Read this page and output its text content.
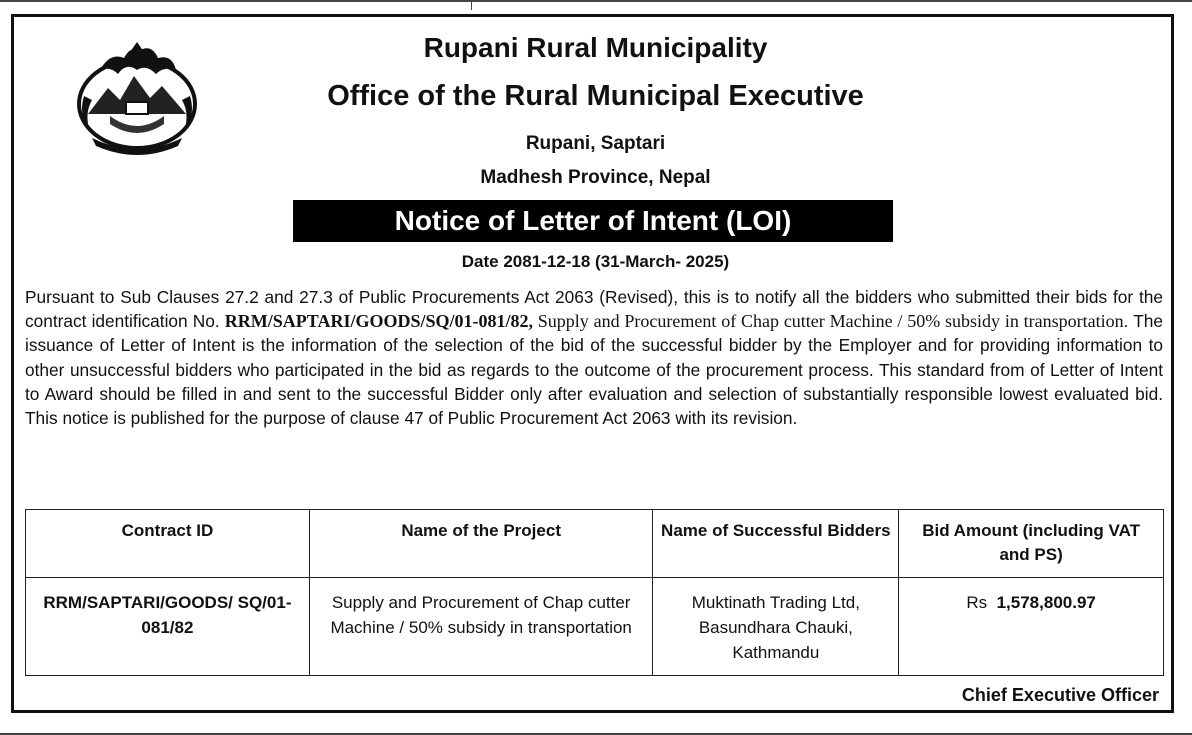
Rupani Rural Municipality
Office of the Rural Municipal Executive
Rupani, Saptari
Madhesh Province, Nepal
Notice of Letter of Intent (LOI)
Date 2081-12-18 (31-March- 2025)
Pursuant to Sub Clauses 27.2 and 27.3 of Public Procurements Act 2063 (Revised), this is to notify all the bidders who submitted their bids for the contract identification No. RRM/SAPTARI/GOODS/SQ/01-081/82, Supply and Procurement of Chap cutter Machine / 50% subsidy in transportation. The issuance of Letter of Intent is the information of the selection of the bid of the successful bidder by the Employer and for providing information to other unsuccessful bidders who participated in the bid as regards to the outcome of the procurement process. This standard from of Letter of Intent to Award should be filled in and sent to the successful Bidder only after evaluation and selection of substantially responsible lowest evaluated bid. This notice is published for the purpose of clause 47 of Public Procurement Act 2063 with its revision.
Contract ID	Name of the Project	Name of Successful Bidders	Bid Amount (including VAT and PS)
RRM/SAPTARI/GOODS/ SQ/01-081/82	Supply and Procurement of Chap cutter Machine / 50% subsidy in transportation	Muktinath Trading Ltd, Basundhara Chauki, Kathmandu	Rs 1,578,800.97
Chief Executive Officer
